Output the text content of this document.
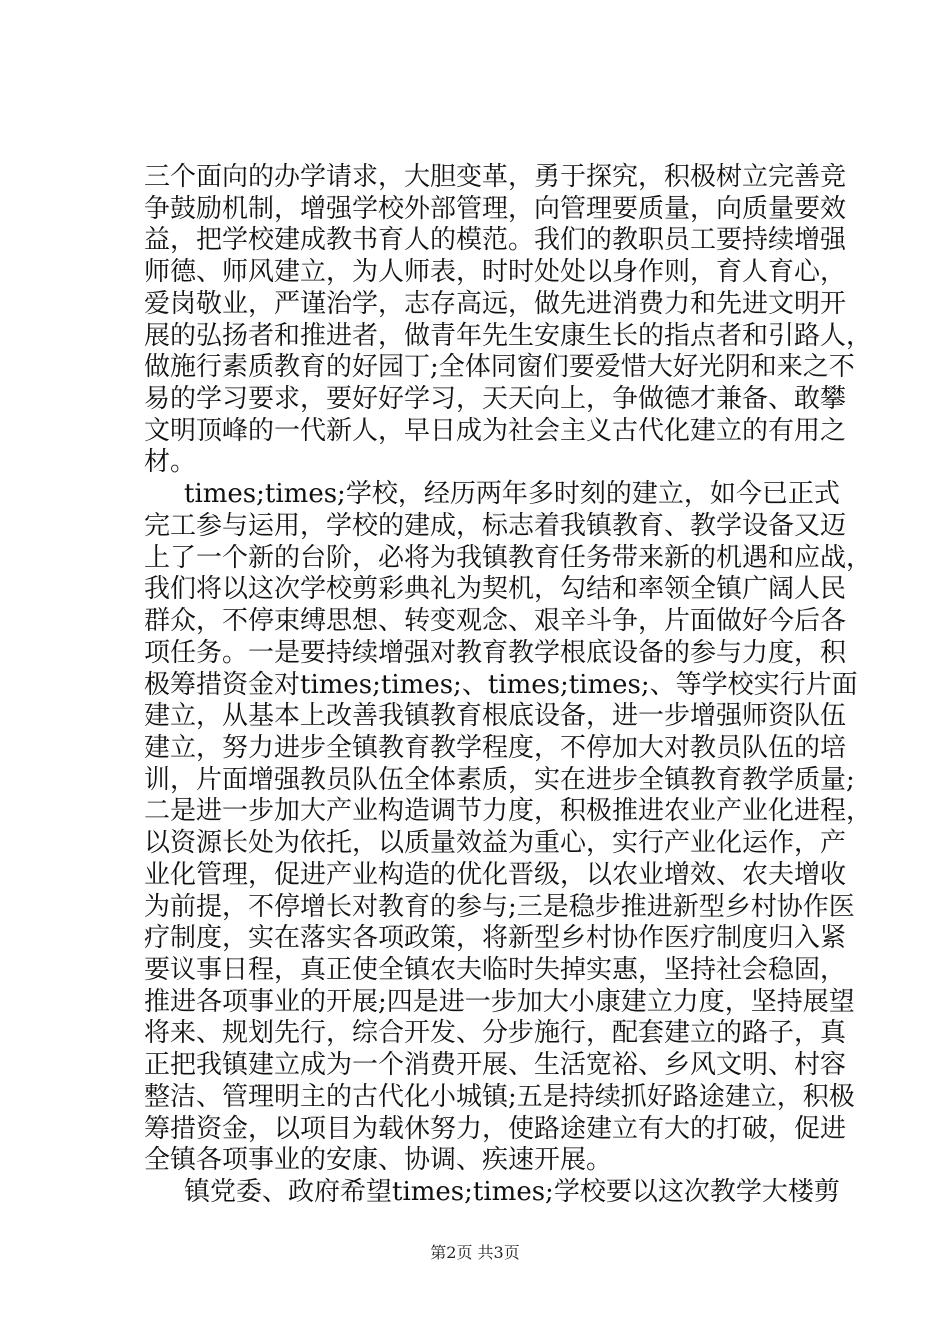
三个面向的办学请求，大胆变革，勇于探究，积极树立完善竞
争鼓励机制，增强学校外部管理，向管理要质量，向质量要效
益，把学校建成教书育人的模范。我们的教职员工要持续增强
师德、师风建立，为人师表，时时处处以身作则，育人育心，
爱岗敬业，严谨治学，志存高远，做先进消费力和先进文明开
展的弘扬者和推进者，做青年先生安康生长的指点者和引路人，
做施行素质教育的好园丁;全体同窗们要爱惜大好光阴和来之不
易的学习要求，要好好学习，天天向上，争做德才兼备、敢攀
文明顶峰的一代新人，早日成为社会主义古代化建立的有用之
材。
times;times;学校，经历两年多时刻的建立，如今已正式
完工参与运用，学校的建成，标志着我镇教育、教学设备又迈
上了一个新的台阶，必将为我镇教育任务带来新的机遇和应战，
我们将以这次学校剪彩典礼为契机，勾结和率领全镇广阔人民
群众，不停束缚思想、转变观念、艰辛斗争，片面做好今后各
项任务。一是要持续增强对教育教学根底设备的参与力度，积
极筹措资金对times;times;、times;times;、等学校实行片面
建立，从基本上改善我镇教育根底设备，进一步增强师资队伍
建立，努力进步全镇教育教学程度，不停加大对教员队伍的培
训，片面增强教员队伍全体素质，实在进步全镇教育教学质量;
二是进一步加大产业构造调节力度，积极推进农业产业化进程，
以资源长处为依托，以质量效益为重心，实行产业化运作，产
业化管理，促进产业构造的优化晋级，以农业增效、农夫增收
为前提，不停增长对教育的参与;三是稳步推进新型乡村协作医
疗制度，实在落实各项政策，将新型乡村协作医疗制度归入紧
要议事日程，真正使全镇农夫临时失掉实惠，坚持社会稳固，
推进各项事业的开展;四是进一步加大小康建立力度，坚持展望
将来、规划先行，综合开发、分步施行，配套建立的路子，真
正把我镇建立成为一个消费开展、生活宽裕、乡风文明、村容
整洁、管理明主的古代化小城镇;五是持续抓好路途建立，积极
筹措资金，以项目为载休努力，使路途建立有大的打破，促进
全镇各项事业的安康、协调、疾速开展。
镇党委、政府希望times;times;学校要以这次教学大楼剪
第2页 共3页
